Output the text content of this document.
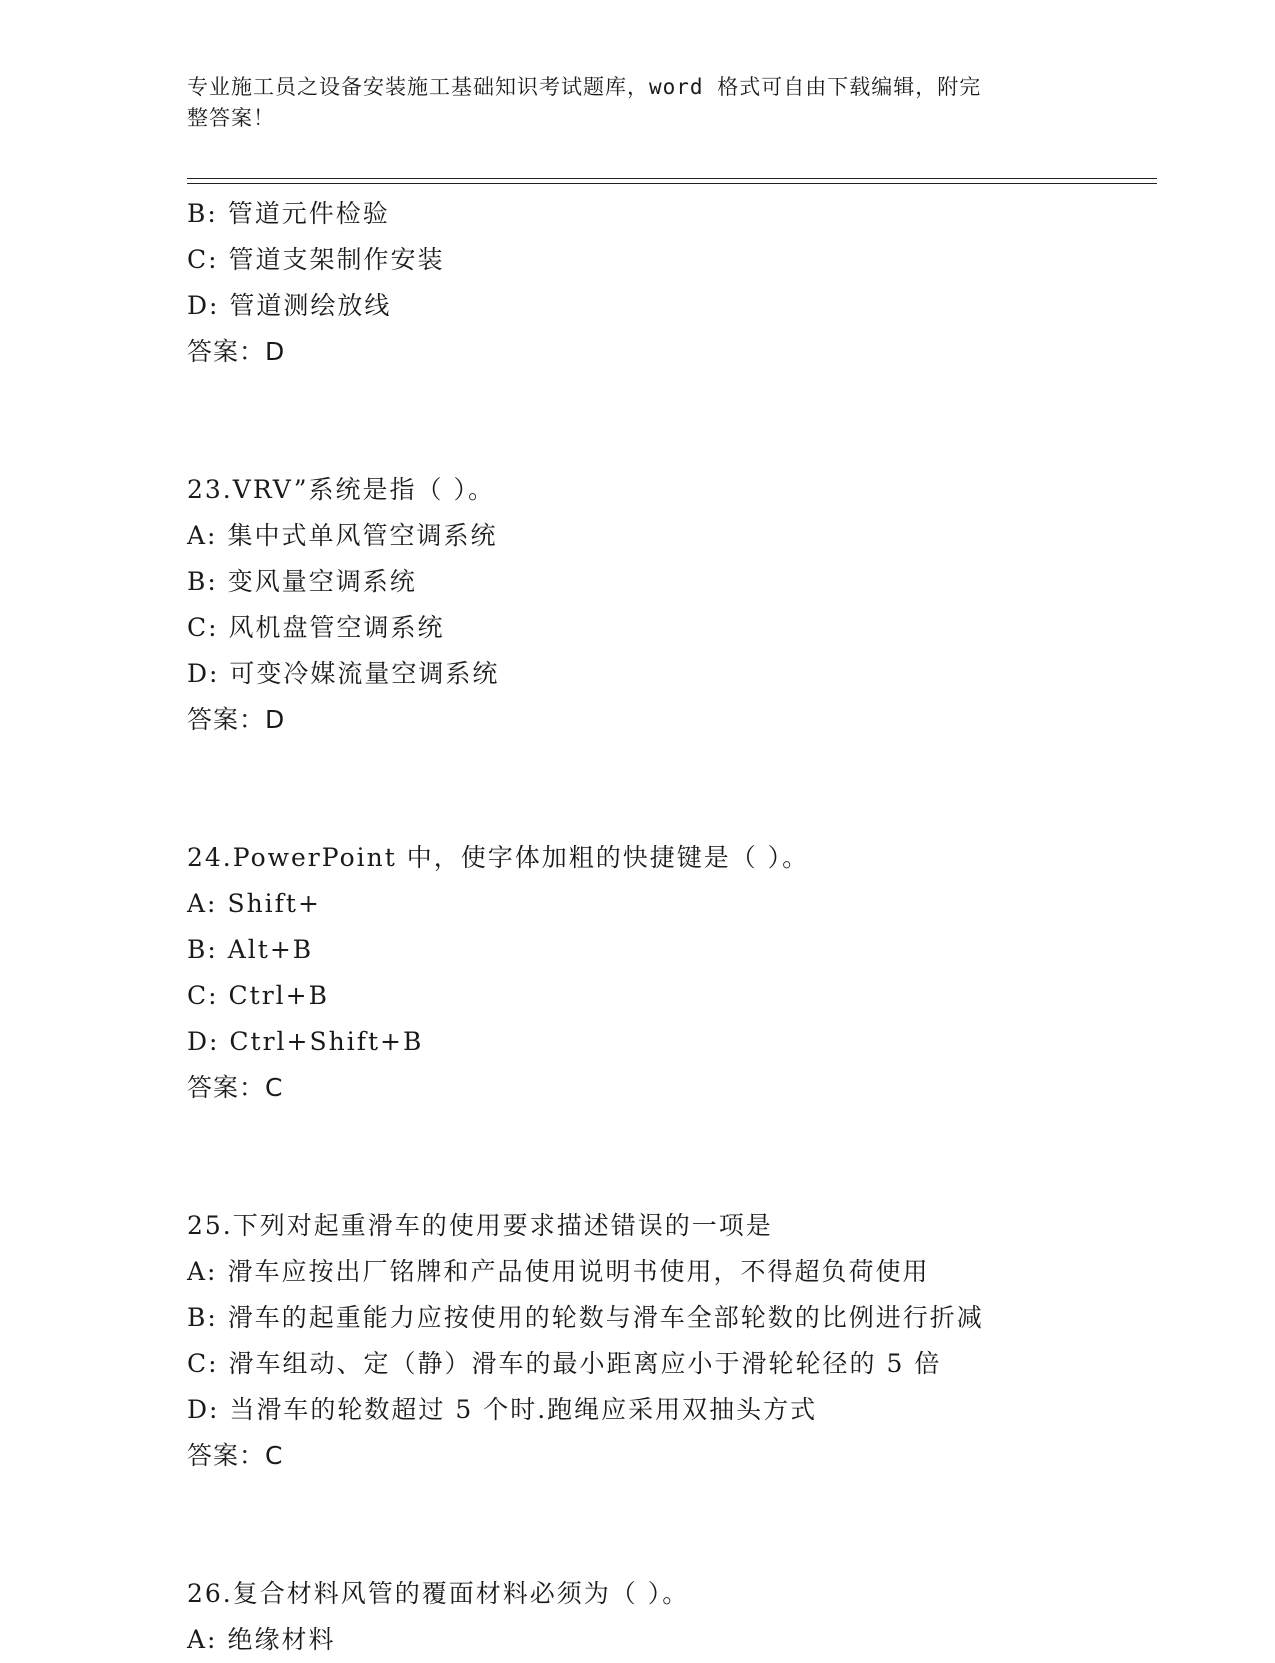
专业施工员之设备安装施工基础知识考试题库，word 格式可自由下载编辑，附完
整答案！
B: 管道元件检验
C: 管道支架制作安装
D: 管道测绘放线
答案：D
23.VRV”系统是指（ ）。
A: 集中式单风管空调系统
B: 变风量空调系统
C: 风机盘管空调系统
D: 可变冷媒流量空调系统
答案：D
24.PowerPoint 中，使字体加粗的快捷键是（ ）。
A: Shift+
B: Alt+B
C: Ctrl+B
D: Ctrl+Shift+B
答案：C
25.下列对起重滑车的使用要求描述错误的一项是
A: 滑车应按出厂铭牌和产品使用说明书使用，不得超负荷使用
B: 滑车的起重能力应按使用的轮数与滑车全部轮数的比例进行折减
C: 滑车组动、定（静）滑车的最小距离应小于滑轮轮径的 5 倍
D: 当滑车的轮数超过 5 个时.跑绳应采用双抽头方式
答案：C
26.复合材料风管的覆面材料必须为（ ）。
A: 绝缘材料
